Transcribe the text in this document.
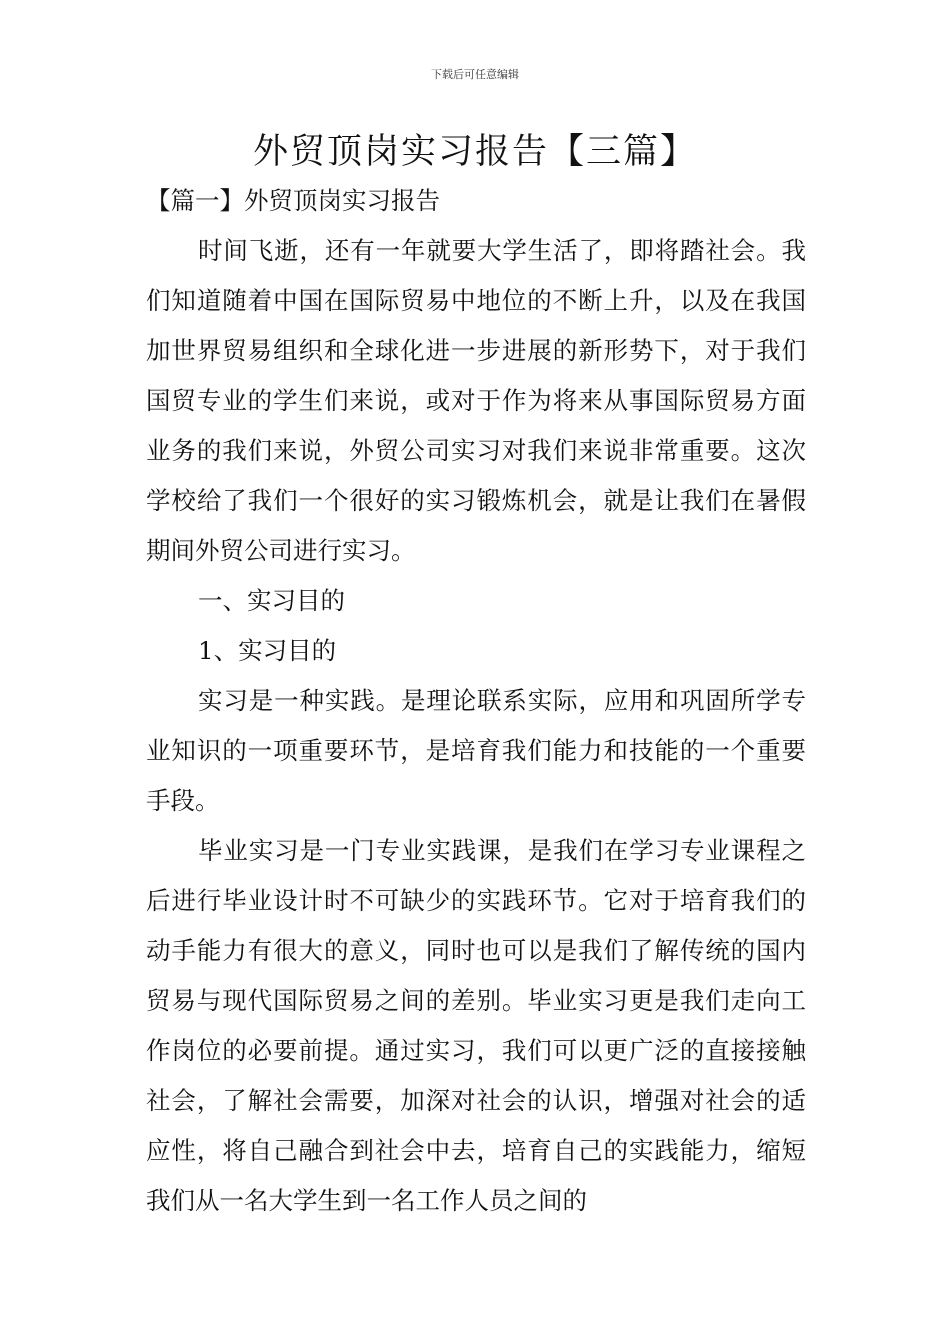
下载后可任意编辑
外贸顶岗实习报告【三篇】
【篇一】外贸顶岗实习报告
时间飞逝，还有一年就要大学生活了，即将踏社会。我们知道随着中国在国际贸易中地位的不断上升，以及在我国加世界贸易组织和全球化进一步进展的新形势下，对于我们国贸专业的学生们来说，或对于作为将来从事国际贸易方面业务的我们来说，外贸公司实习对我们来说非常重要。这次学校给了我们一个很好的实习锻炼机会，就是让我们在暑假期间外贸公司进行实习。
一、实习目的
1、实习目的
实习是一种实践。是理论联系实际，应用和巩固所学专业知识的一项重要环节，是培育我们能力和技能的一个重要手段。
毕业实习是一门专业实践课，是我们在学习专业课程之后进行毕业设计时不可缺少的实践环节。它对于培育我们的动手能力有很大的意义，同时也可以是我们了解传统的国内贸易与现代国际贸易之间的差别。毕业实习更是我们走向工作岗位的必要前提。通过实习，我们可以更广泛的直接接触社会，了解社会需要，加深对社会的认识，增强对社会的适应性，将自己融合到社会中去，培育自己的实践能力，缩短我们从一名大学生到一名工作人员之间的
